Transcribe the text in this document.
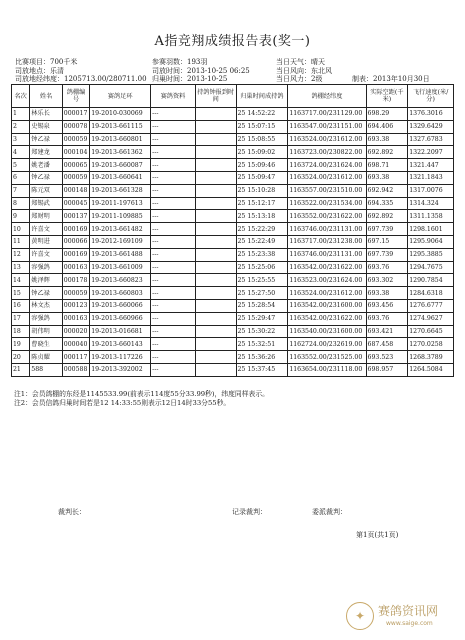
A指竞翔成绩报告表(奖一)
比赛项目：700千米
司放地点：乐清
司放地经纬度：1205713.00/280711.00
参赛羽数：193羽
司放时间：2013-10-25 06:25
归巢时间：2013-10-25
当日天气：晴天
当日风向：东北风
当日风力：2级	制表：2013年10月30日
名次	姓名	鸽棚编号	赛鸽足环	赛鸽资料	持鸽钟报到时间	归巢时间成持鸽	鸽棚经纬度	实际空距(千米)	飞行速度(米/分)
1	林乐长	000017	19-2010-030069	---		25 14:52:22	1163717.00/231129.00	698.29	1376.3016
2	史锡泉	000078	19-2013-661115	---		25 15:07:15	1163547.00/231151.00	694.406	1329.6429
3	钟乙禄	000059	19-2013-660801	---		25 15:08:55	1163524.00/231612.00	693.38	1327.6783
4	郑建龙	000104	19-2013-661362	---		25 15:09:02	1163723.00/230822.00	692.892	1322.2097
5	姚老潘	000065	19-2013-660087	---		25 15:09:46	1163724.00/231624.00	698.71	1321.447
6	钟乙禄	000059	19-2013-660641	---		25 15:09:47	1163524.00/231612.00	693.38	1321.1843
7	陈元双	000148	19-2013-661328	---		25 15:10:28	1163557.00/231510.00	692.942	1317.0076
8	郑锡武	000045	19-2011-197613	---		25 15:12:17	1163522.00/231534.00	694.335	1314.324
9	郑财明	000137	19-2011-109885	---		25 15:13:18	1163552.00/231622.00	692.892	1311.1358
10	许喜文	000169	19-2013-661482	---		25 15:22:29	1163746.00/231131.00	697.739	1298.1601
11	黄明进	000066	19-2012-169109	---		25 15:22:49	1163717.00/231238.00	697.15	1295.9064
12	许喜文	000169	19-2013-661488	---		25 15:23:38	1163746.00/231131.00	697.739	1295.3885
13	容强鸽	000163	19-2013-661009	---		25 15:25:06	1163542.00/231622.00	693.76	1294.7675
14	姚泽辉	000178	19-2013-660823	---		25 15:25:55	1163523.00/231624.00	693.302	1290.7854
15	钟乙禄	000059	19-2013-660803	---		25 15:27:50	1163524.00/231612.00	693.38	1284.6318
16	林文杰	000123	19-2013-660066	---		25 15:28:54	1163542.00/231600.00	693.456	1276.6777
17	容强鸽	000163	19-2013-660966	---		25 15:29:47	1163542.00/231622.00	693.76	1274.9627
18	胡伟明	000020	19-2013-016681	---		25 15:30:22	1163540.00/231600.00	693.421	1270.6645
19	曹晓生	000040	19-2013-660143	---		25 15:32:51	1162724.00/232619.00	687.458	1270.0258
20	陈贞耀	000117	19-2013-117226	---		25 15:36:26	1163552.00/231525.00	693.523	1268.3789
21	588	000588	19-2013-392002	---		25 15:37:45	1163654.00/231118.00	698.957	1264.5084
注1：会员鸽棚的东经是1145533.99(前表示114度55分33.99秒)，纬度同样表示。
注2：会员信鸽归巢时间若是12 14:33:55则表示12日14时33分55秒。
裁判长：	记录裁判：	委派裁判：
第1页(共1页)
✦	赛鸽资讯网
www.saige.com
